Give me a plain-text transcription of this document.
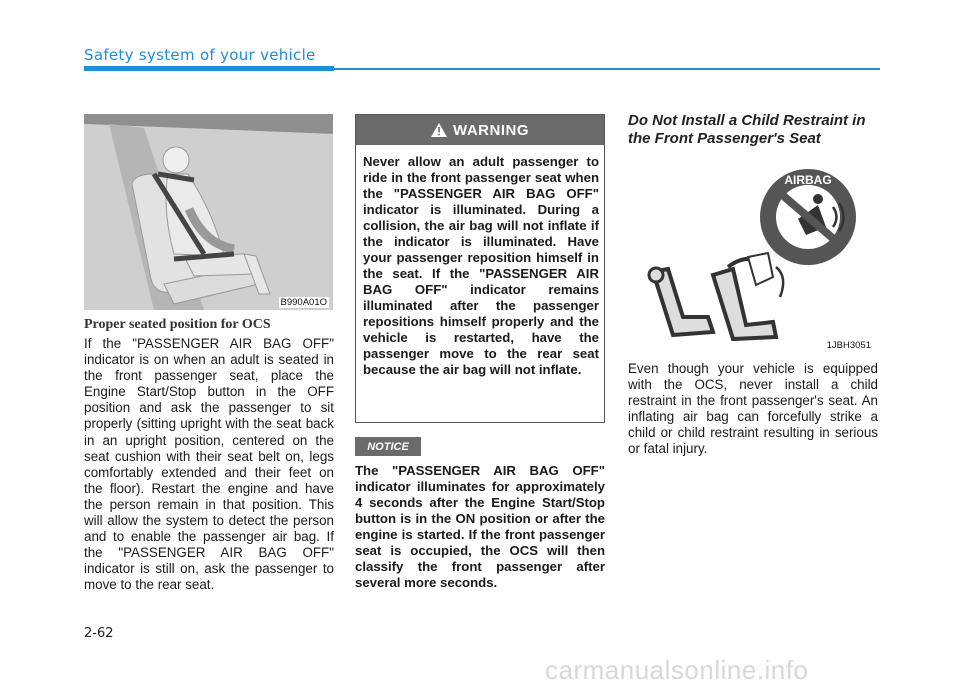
Safety system of your vehicle
B990A01O
Proper seated position for OCS
If the "PASSENGER AIR BAG OFF" indicator is on when an adult is seated in the front passenger seat, place the Engine Start/Stop button in the OFF position and ask the passenger to sit properly (sitting upright with the seat back in an upright position, centered on the seat cushion with their seat belt on, legs comfortably extended and their feet on the floor). Restart the engine and have the person remain in that position. This will allow the system to detect the person and to enable the passenger air bag. If the "PASSENGER AIR BAG OFF" indicator is still on, ask the passenger to move to the rear seat.
WARNING
Never allow an adult passenger to ride in the front passenger seat when the "PASSENGER AIR BAG OFF" indicator is illuminated. During a collision, the air bag will not inflate if the indicator is illuminated. Have your passenger reposition himself in the seat. If the "PASSENGER AIR BAG OFF" indicator remains illuminated after the passenger repositions himself properly and the vehicle is restarted, have the passenger move to the rear seat because the air bag will not inflate.
NOTICE
The "PASSENGER AIR BAG OFF" indicator illuminates for approximately 4 seconds after the Engine Start/Stop button is in the ON position or after the engine is started. If the front passenger seat is occupied, the OCS will then classify the front passenger after several more seconds.
Do Not Install a Child Restraint in the Front Passenger's Seat
AIRBAG
1JBH3051
Even though your vehicle is equipped with the OCS, never install a child restraint in the front passenger's seat. An inflating air bag can forcefully strike a child or child restraint resulting in serious or fatal injury.
2-62
carmanualsonline.info
